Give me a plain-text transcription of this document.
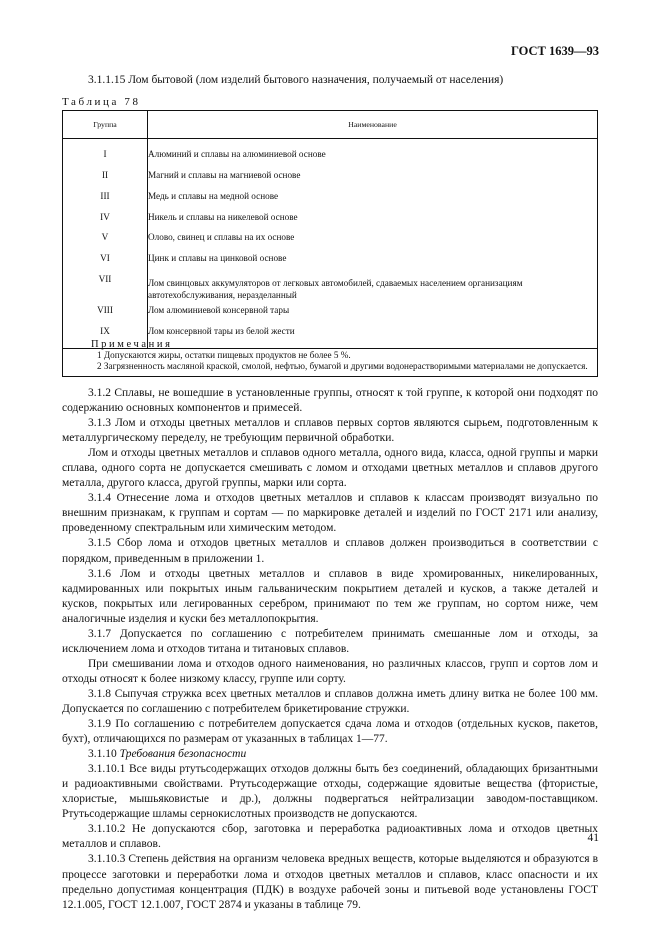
ГОСТ 1639—93
3.1.1.15 Лом бытовой (лом изделий бытового назначения, получаемый от населения)
Таблица 78
Группа	Наименование
I	Алюминий и сплавы на алюминиевой основе
II	Магний и сплавы на магниевой основе
III	Медь и сплавы на медной основе
IV	Никель и сплавы на никелевой основе
V	Олово, свинец и сплавы на их основе
VI	Цинк и сплавы на цинковой основе
VII	Лом свинцовых аккумуляторов от легковых автомобилей, сдаваемых населением организациям автотехобслуживания, неразделанный
VIII	Лом алюминиевой консервной тары
IX	Лом консервной тары из белой жести
Примечания
1 Допускаются жиры, остатки пищевых продуктов не более 5 %.
2 Загрязненность масляной краской, смолой, нефтью, бумагой и другими водонерастворимыми материалами не допускается.

3.1.2 Сплавы, не вошедшие в установленные группы, относят к той группе, к которой они подходят по содержанию основных компонентов и примесей.

3.1.3 Лом и отходы цветных металлов и сплавов первых сортов являются сырьем, подготовленным к металлургическому переделу, не требующим первичной обработки.

Лом и отходы цветных металлов и сплавов одного металла, одного вида, класса, одной группы и марки сплава, одного сорта не допускается смешивать с ломом и отходами цветных металлов и сплавов другого металла, другого класса, другой группы, марки или сорта.

3.1.4 Отнесение лома и отходов цветных металлов и сплавов к классам производят визуально по внешним признакам, к группам и сортам — по маркировке деталей и изделий по ГОСТ 2171 или анализу, проведенному спектральным или химическим методом.

3.1.5 Сбор лома и отходов цветных металлов и сплавов должен производиться в соответствии с порядком, приведенным в приложении 1.

3.1.6 Лом и отходы цветных металлов и сплавов в виде хромированных, никелированных, кадмированных или покрытых иным гальваническим покрытием деталей и кусков, а также деталей и кусков, покрытых или легированных серебром, принимают по тем же группам, но сортом ниже, чем аналогичные изделия и куски без металлопокрытия.

3.1.7 Допускается по соглашению с потребителем принимать смешанные лом и отходы, за исключением лома и отходов титана и титановых сплавов.

При смешивании лома и отходов одного наименования, но различных классов, групп и сортов лом и отходы относят к более низкому классу, группе или сорту.

3.1.8 Сыпучая стружка всех цветных металлов и сплавов должна иметь длину витка не более 100 мм. Допускается по соглашению с потребителем брикетирование стружки.

3.1.9 По соглашению с потребителем допускается сдача лома и отходов (отдельных кусков, пакетов, бухт), отличающихся по размерам от указанных в таблицах 1—77.

3.1.10 Требования безопасности

3.1.10.1 Все виды ртутьсодержащих отходов должны быть без соединений, обладающих бризантными и радиоактивными свойствами. Ртутьсодержащие отходы, содержащие ядовитые вещества (фтористые, хлористые, мышьяковистые и др.), должны подвергаться нейтрализации заводом-поставщиком. Ртутьсодержащие шламы сернокислотных производств не допускаются.

3.1.10.2 Не допускаются сбор, заготовка и переработка радиоактивных лома и отходов цветных металлов и сплавов.

3.1.10.3 Степень действия на организм человека вредных веществ, которые выделяются и образуются в процессе заготовки и переработки лома и отходов цветных металлов и сплавов, класс опасности и их предельно допустимая концентрация (ПДК) в воздухе рабочей зоны и питьевой воде установлены ГОСТ 12.1.005, ГОСТ 12.1.007, ГОСТ 2874 и указаны в таблице 79.

41
